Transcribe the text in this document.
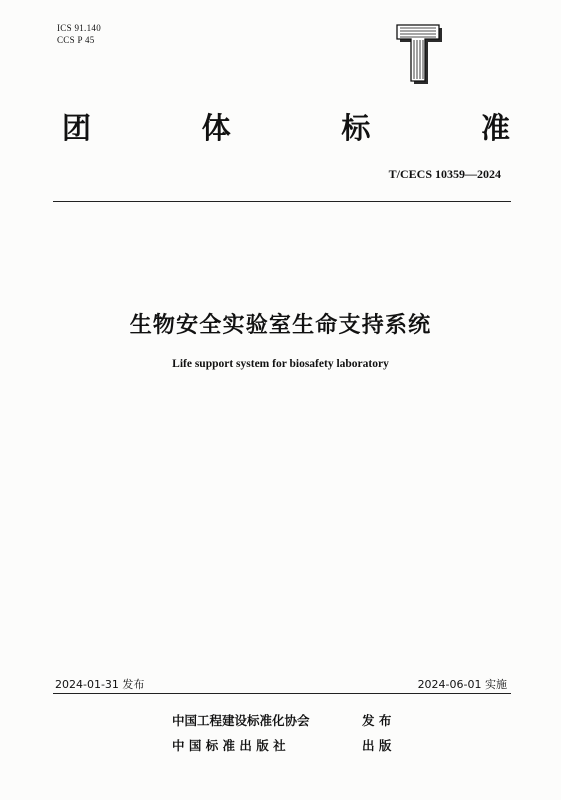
ICS 91.140
CCS P 45
团	体	标	准
T/CECS 10359—2024
生物安全实验室生命支持系统
Life support system for biosafety laboratory
2024-01-31 发布	2024-06-01 实施
中国工程建设标准化协会	发 布
中 国 标 准 出 版 社	出 版
